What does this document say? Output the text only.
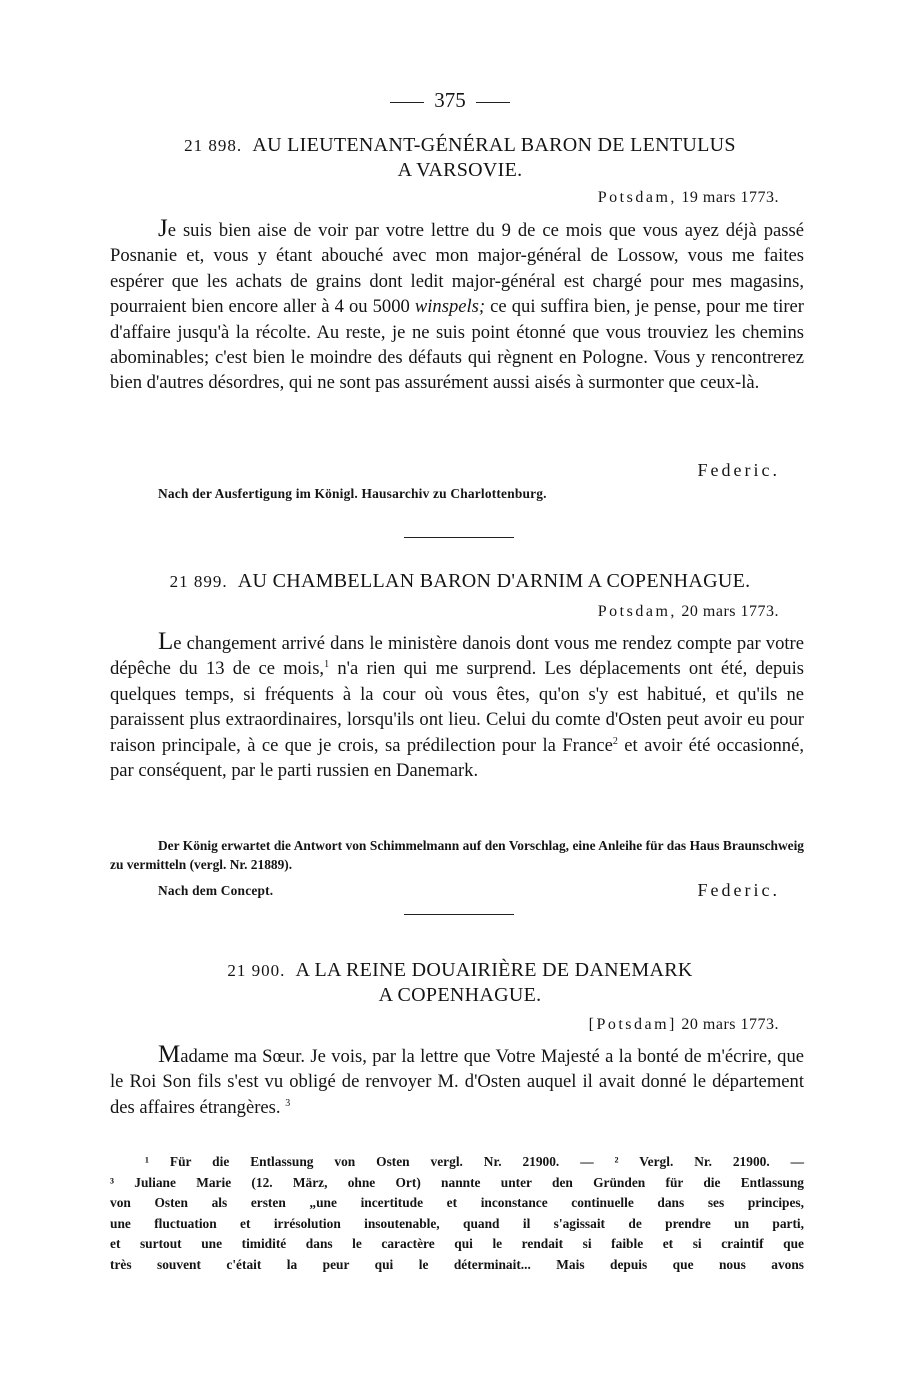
375
21 898. AU LIEUTENANT-GÉNÉRAL BARON DE LENTULUS
A VARSOVIE.
Potsdam, 19 mars 1773.
Je suis bien aise de voir par votre lettre du 9 de ce mois que vous ayez déjà passé Posnanie et, vous y étant abouché avec mon major-général de Lossow, vous me faites espérer que les achats de grains dont ledit major-général est chargé pour mes magasins, pourraient bien encore aller à 4 ou 5000 winspels; ce qui suffira bien, je pense, pour me tirer d'affaire jusqu'à la récolte. Au reste, je ne suis point étonné que vous trouviez les chemins abominables; c'est bien le moindre des défauts qui règnent en Pologne. Vous y rencontrerez bien d'autres désordres, qui ne sont pas assurément aussi aisés à surmonter que ceux-là.
Federic.
Nach der Ausfertigung im Königl. Hausarchiv zu Charlottenburg.
21 899. AU CHAMBELLAN BARON D'ARNIM A COPENHAGUE.
Potsdam, 20 mars 1773.
Le changement arrivé dans le ministère danois dont vous me rendez compte par votre dépêche du 13 de ce mois,$^1$ n'a rien qui me surprend. Les déplacements ont été, depuis quelques temps, si fréquents à la cour où vous êtes, qu'on s'y est habitué, et qu'ils ne paraissent plus extraordinaires, lorsqu'ils ont lieu. Celui du comte d'Osten peut avoir eu pour raison principale, à ce que je crois, sa prédilection pour la France$^2$ et avoir été occasionné, par conséquent, par le parti russien en Danemark.
Der König erwartet die Antwort von Schimmelmann auf den Vorschlag, eine Anleihe für das Haus Braunschweig zu vermitteln (vergl. Nr. 21889).
Nach dem Concept.	Federic.
21 900. A LA REINE DOUAIRIÈRE DE DANEMARK
A COPENHAGUE.
[Potsdam] 20 mars 1773.
Madame ma Sœur. Je vois, par la lettre que Votre Majesté a la bonté de m'écrire, que le Roi Son fils s'est vu obligé de renvoyer M. d'Osten auquel il avait donné le département des affaires étrangères. $^3$
¹ Für die Entlassung von Osten vergl. Nr. 21900. — ² Vergl. Nr. 21900. —
³ Juliane Marie (12. März, ohne Ort) nannte unter den Gründen für die Entlassung
von Osten als ersten „une incertitude et inconstance continuelle dans ses principes,
une fluctuation et irrésolution insoutenable, quand il s'agissait de prendre un parti,
et surtout une timidité dans le caractère qui le rendait si faible et si craintif que
très souvent c'était la peur qui le déterminait... Mais depuis que nous avons
